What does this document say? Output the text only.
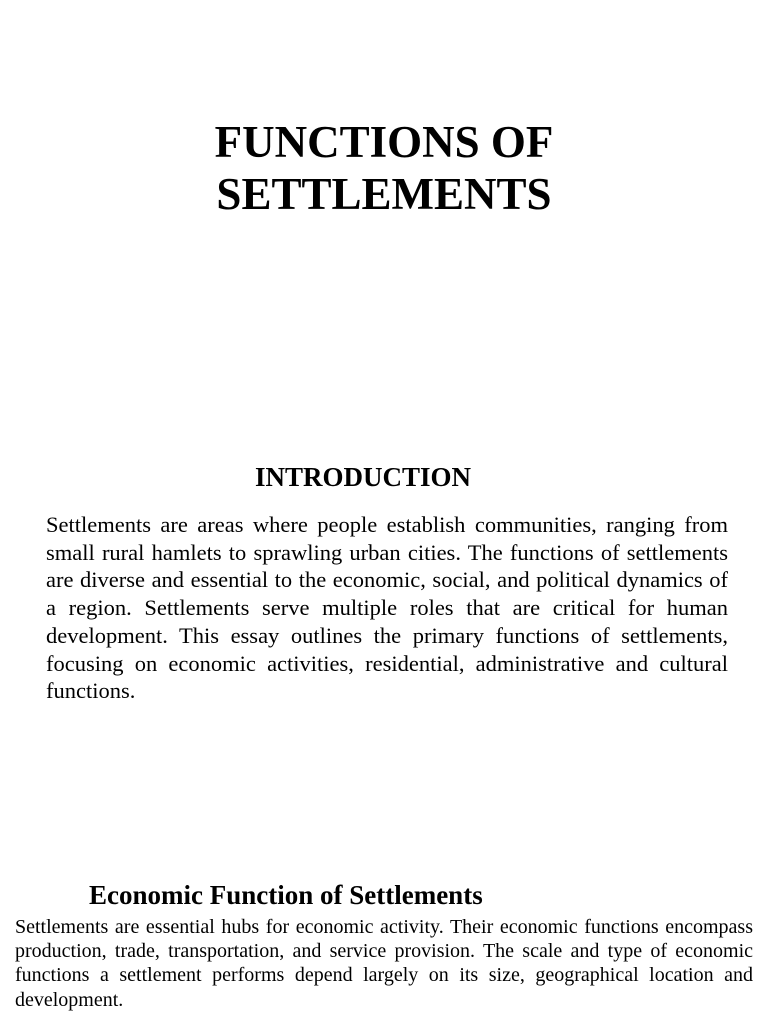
FUNCTIONS OF
SETTLEMENTS
INTRODUCTION

Settlements are areas where people establish communities, ranging from small rural hamlets to sprawling urban cities. The functions of settlements are diverse and essential to the economic, social, and political dynamics of a region. Settlements serve multiple roles that are critical for human development. This essay outlines the primary functions of settlements, focusing on economic activities, residential, administrative and cultural functions.

Economic Function of Settlements

Settlements are essential hubs for economic activity. Their economic functions encompass production, trade, transportation, and service provision. The scale and type of economic functions a settlement performs depend largely on its size, geographical location and development.
